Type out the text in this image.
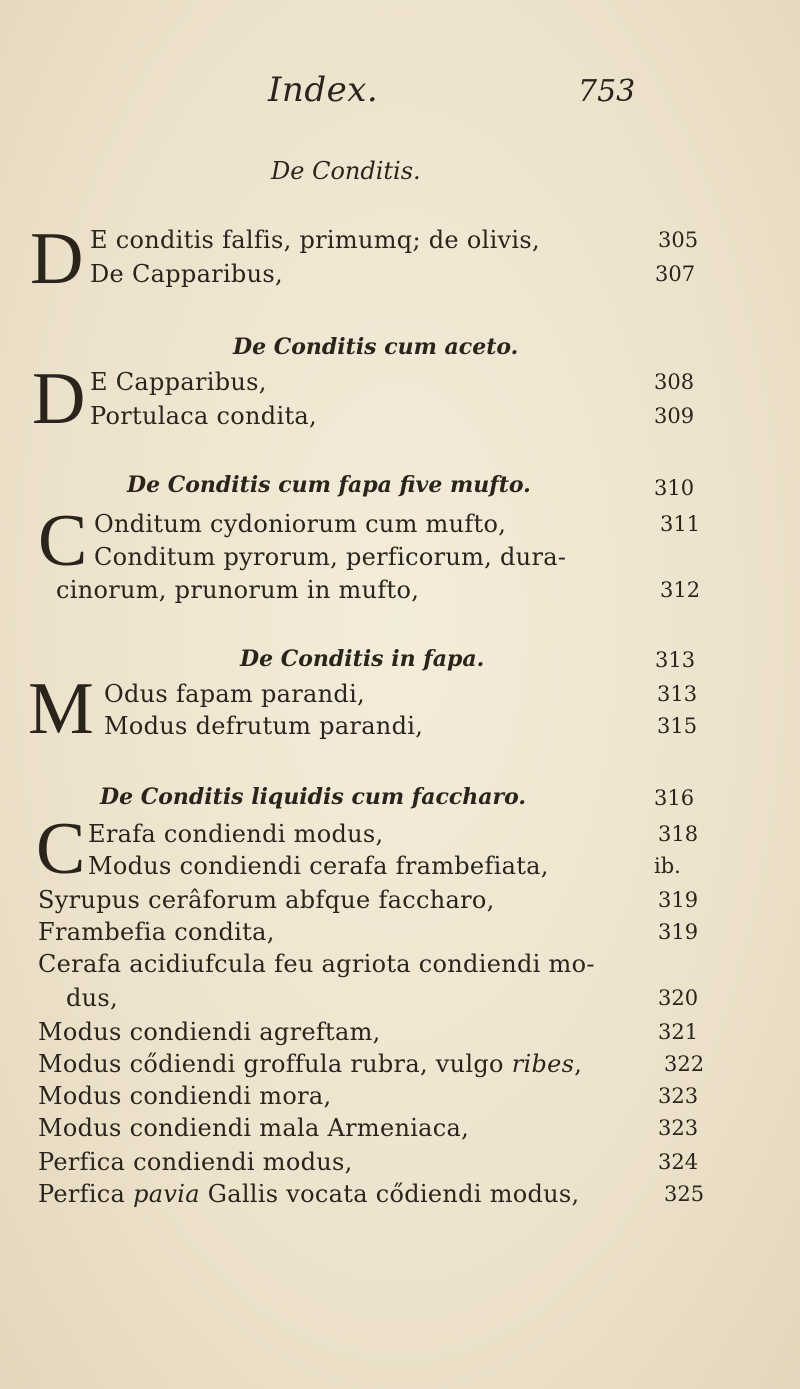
Index.	753
De Conditis.
D E conditis falfis, primumq; de olivis,	305
De Capparibus,	307
De Conditis cum aceto.
D E Capparibus,	308
Portulaca condita,	309
De Conditis cum fapa five mufto.	310
C Onditum cydoniorum cum mufto,	311
Conditum pyrorum, perficorum, dura-
cinorum, prunorum in mufto,	312
De Conditis in fapa.	313
M Odus fapam parandi,	313
Modus defrutum parandi,	315
De Conditis liquidis cum faccharo.	316
C Erafa condiendi modus,	318
Modus condiendi cerafa frambefiata,	ib.
Syrupus cerâforum abfque faccharo,	319
Frambefia condita,	319
Cerafa acidiufcula feu agriota condiendi mo-
dus,	320
Modus condiendi agreftam,	321
Modus cődiendi groffula rubra, vulgo ribes,	322
Modus condiendi mora,	323
Modus condiendi mala Armeniaca,	323
Perfica condiendi modus,	324
Perfica pavia Gallis vocata cődiendi modus,	325
